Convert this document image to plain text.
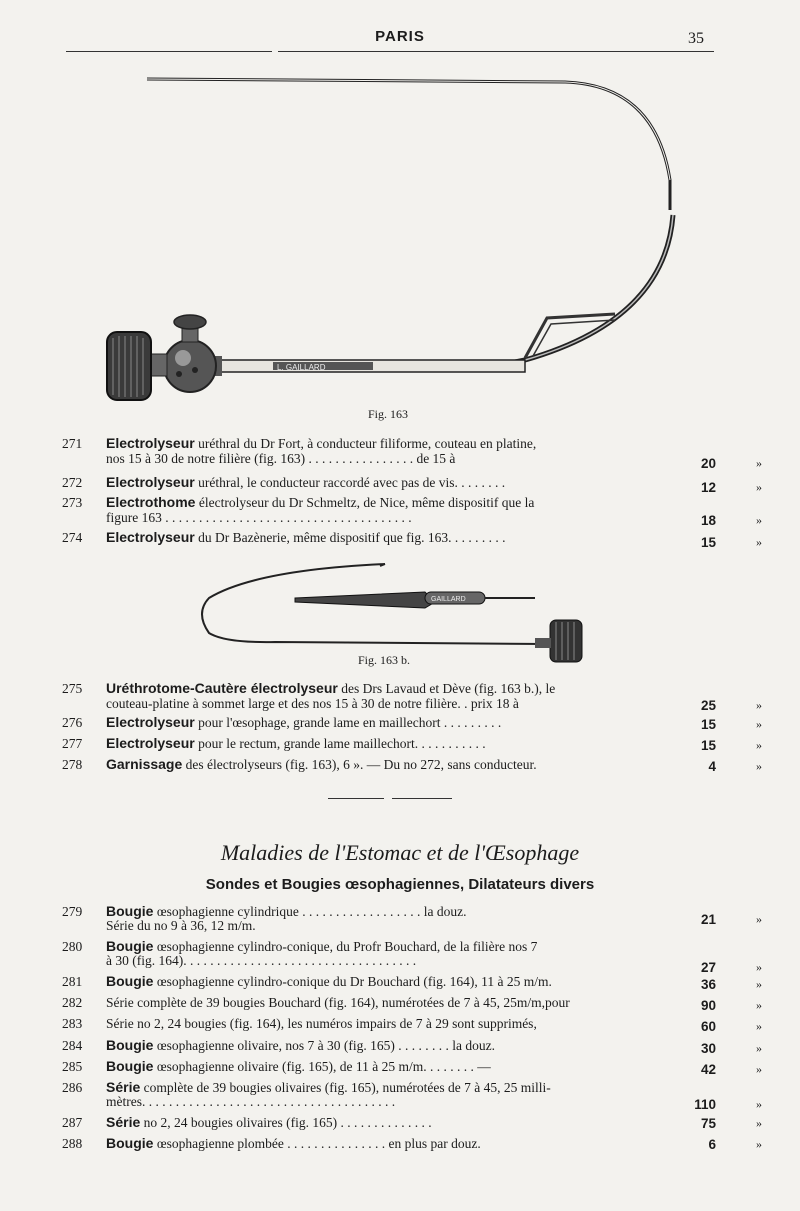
PARIS	35
L. GAILLARD
Fig. 163
271	Electrolyseur uréthral du Dr Fort, à conducteur filiforme, couteau en platine,
nos 15 à 30 de notre filière (fig. 163) . . . . . . . . . . . . . . . . de 15 à	20	»
272	Electrolyseur uréthral, le conducteur raccordé avec pas de vis. . . . . . . .	12	»
273	Electrothome électrolyseur du Dr Schmeltz, de Nice, même dispositif que la
figure 163 . . . . . . . . . . . . . . . . . . . . . . . . . . . . . . . . . . . . .	18	»
274	Electrolyseur du Dr Bazènerie, même dispositif que fig. 163. . . . . . . . .	15	»
GAILLARD
Fig. 163 b.
275	Uréthrotome-Cautère électrolyseur des Drs Lavaud et Dève (fig. 163 b.), le
couteau-platine à sommet large et des nos 15 à 30 de notre filière. . prix 18 à	25	»
276	Electrolyseur pour l'œsophage, grande lame en maillechort . . . . . . . . .	15	»
277	Electrolyseur pour le rectum, grande lame maillechort. . . . . . . . . . .	15	»
278	Garnissage des électrolyseurs (fig. 163), 6 ». — Du no 272, sans conducteur.	4	»
Maladies de l'Estomac et de l'Œsophage
Sondes et Bougies œsophagiennes, Dilatateurs divers
279	Bougie œsophagienne cylindrique . . . . . . . . . . . . . . . . . . la douz.
Série du no 9 à 36, 12 m/m.	21	»
280	Bougie œsophagienne cylindro-conique, du Profr Bouchard, de la filière nos 7
à 30 (fig. 164). . . . . . . . . . . . . . . . . . . . . . . . . . . . . . . . . . .	27	»
281	Bougie œsophagienne cylindro-conique du Dr Bouchard (fig. 164), 11 à 25 m/m.	36	»
282	Série complète de 39 bougies Bouchard (fig. 164), numérotées de 7 à 45, 25m/m,pour	90	»
283	Série no 2, 24 bougies (fig. 164), les numéros impairs de 7 à 29 sont supprimés,	60	»
284	Bougie œsophagienne olivaire, nos 7 à 30 (fig. 165) . . . . . . . . la douz.	30	»
285	Bougie œsophagienne olivaire (fig. 165), de 11 à 25 m/m. . . . . . . . —	42	»
286	Série complète de 39 bougies olivaires (fig. 165), numérotées de 7 à 45, 25 milli-
mètres. . . . . . . . . . . . . . . . . . . . . . . . . . . . . . . . . . . . . .	110	»
287	Série no 2, 24 bougies olivaires (fig. 165) . . . . . . . . . . . . . .	75	»
288	Bougie œsophagienne plombée . . . . . . . . . . . . . . . en plus par douz.	6	»
